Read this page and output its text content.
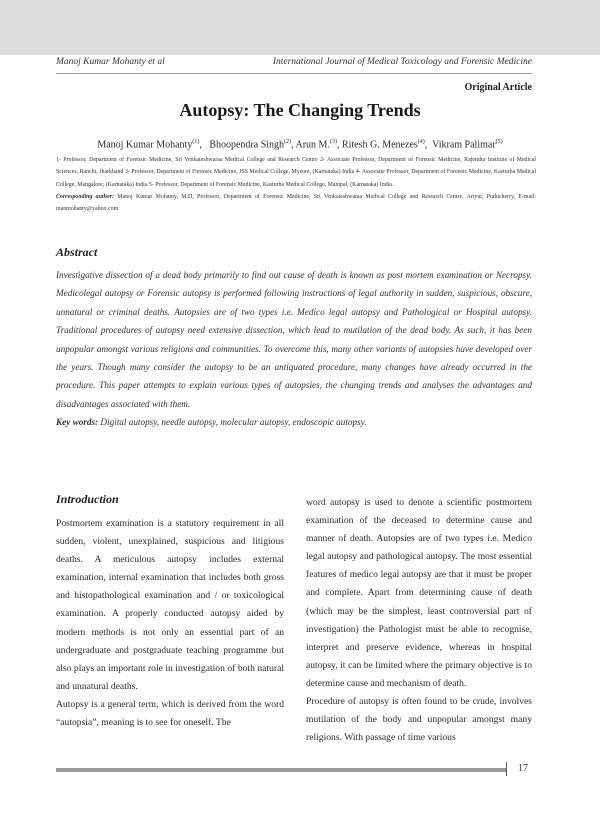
Manoj Kumar Mohanty et al	International Journal of Medical Toxicology and Forensic Medicine
Original Article
Autopsy: The Changing Trends
Manoj Kumar Mohanty$^{(1)}$,   Bhoopendra Singh$^{(2)}$, Arun M.$^{(3)}$, Ritesh G. Menezes$^{(4)}$,  Vikram Palimar$^{(5)}$
1- Professor, Department of Forensic Medicine, Sri Venkateshwaraa Medical College and Research Centre 2- Associate Professor, Department of Forensic Medicine, Rajendra Institute of Medical Sciences, Ranchi, Jharkhand 3- Professor, Department of Forensic Medicine, JSS Medical College, Mysore, (Karnataka) India 4- Associate Professor, Department of Forensic Medicine, Kasturba Medical College, Mangalore, (Karnataka) India 5- Professor, Department of Forensic Medicine, Kasturba Medical College, Manipal, (Karnataka) India.
Corresponding author: Manoj Kumar Mohanty, M.D, Professor, Department of Forensic Medicine, Sri Venkateshwaraa Medical College and Research Centre, Ariyur, Puducherry, E-mail: manmohanty@yahoo.com
Abstract
Investigative dissection of a dead body primarily to find out cause of death is known as post mortem examination or Necropsy. Medicolegal autopsy or Forensic autopsy is performed following instructions of legal authority in sudden, suspicious, obscure, unnatural or criminal deaths. Autopsies are of two types i.e. Medico legal autopsy and Pathological or Hospital autopsy. Traditional procedures of autopsy need extensive dissection, which lead to mutilation of the dead body. As such, it has been unpopular amongst various religions and communities. To overcome this, many other variants of autopsies have developed over the years. Though many consider the autopsy to be an antiquated procedure, many changes have already occurred in the procedure. This paper attempts to explain various types of autopsies, the changing trends and analyses the advantages and disadvantages associated with them.
Key words: Digital autopsy, needle autopsy, molecular autopsy, endoscopic autopsy.
Introduction

Postmortem examination is a statutory requirement in all sudden, violent, unexplained, suspicious and litigious deaths. A meticulous autopsy includes external examination, internal examination that includes both gross and histopathological examination and / or toxicological examination. A properly conducted autopsy aided by modern methods is not only an essential part of an undergraduate and postgraduate teaching programme but also plays an important role in investigation of both natural and unnatural deaths.

Autopsy is a general term, which is derived from the word “autopsia”, meaning is to see for oneself. The

word autopsy is used to denote a scientific postmortem examination of the deceased to determine cause and manner of death. Autopsies are of two types i.e. Medico legal autopsy and pathological autopsy. The most essential features of medico legal autopsy are that it must be proper and complete. Apart from determining cause of death (which may be the simplest, least controversial part of investigation) the Pathologist must be able to recognise, interpret and preserve evidence, whereas in hospital autopsy, it can be limited where the primary objective is to determine cause and mechanism of death.

Procedure of autopsy is often found to be crude, involves mutilation of the body and unpopular amongst many religions. With passage of time various

17
